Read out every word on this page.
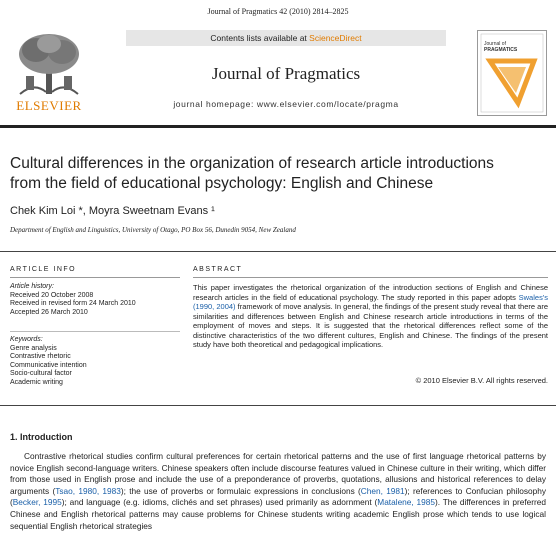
Journal of Pragmatics 42 (2010) 2814–2825
ELSEVIER
Contents lists available at ScienceDirect
Journal of Pragmatics
journal homepage: www.elsevier.com/locate/pragma
Journal of
PRAGMATICS
Cultural differences in the organization of research article introductions
from the field of educational psychology: English and Chinese
Chek Kim Loi *, Moyra Sweetnam Evans ¹
Department of English and Linguistics, University of Otago, PO Box 56, Dunedin 9054, New Zealand
ARTICLE INFO	ABSTRACT
Article history:
Received 20 October 2008
Received in revised form 24 March 2010
Accepted 26 March 2010
Keywords:
Genre analysis
Contrastive rhetoric
Communicative intention
Socio-cultural factor
Academic writing
This paper investigates the rhetorical organization of the introduction sections of English and Chinese research articles in the field of educational psychology. The study reported in this paper adopts Swales's (1990, 2004) framework of move analysis. In general, the findings of the present study reveal that there are similarities and differences between English and Chinese research article introductions in terms of the employment of moves and steps. It is suggested that the rhetorical differences reflect some of the distinctive characteristics of the two different cultures, English and Chinese. The findings of the present study have both theoretical and pedagogical implications.
© 2010 Elsevier B.V. All rights reserved.
1. Introduction
Contrastive rhetorical studies confirm cultural preferences for certain rhetorical patterns and the use of first language rhetorical patterns by novice English second-language writers. Chinese speakers often include discourse features valued in Chinese culture in their writing, which differ from those used in English prose and include the use of a preponderance of proverbs, quotations, allusions and historical references to delay arguments (Tsao, 1980, 1983); the use of proverbs or formulaic expressions in conclusions (Chen, 1981); references to Confucian philosophy (Becker, 1995); and language (e.g. idioms, clichés and set phrases) used primarily as adornment (Matalene, 1985). The differences in preferred Chinese and English rhetorical patterns may cause problems for Chinese students writing academic English prose which tends to use logical sequential English rhetorical strategies
